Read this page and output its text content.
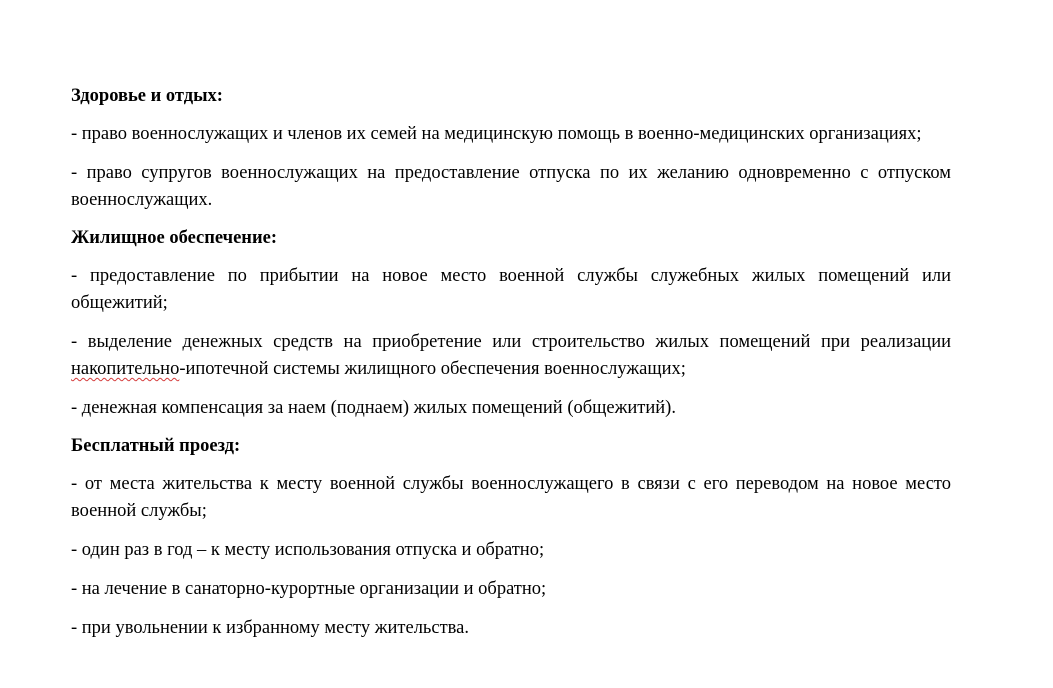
Здоровье и отдых:

- право военнослужащих и членов их семей на медицинскую помощь в военно-медицинских организациях;

- право супругов военнослужащих на предоставление отпуска по их желанию одновременно с отпуском военнослужащих.

Жилищное обеспечение:

- предоставление по прибытии на новое место военной службы служебных жилых помещений или общежитий;

- выделение денежных средств на приобретение или строительство жилых помещений при реализации накопительно-ипотечной системы жилищного обеспечения военнослужащих;

- денежная компенсация за наем (поднаем) жилых помещений (общежитий).

Бесплатный проезд:

- от места жительства к месту военной службы военнослужащего в связи с его переводом на новое место военной службы;

- один раз в год – к месту использования отпуска и обратно;

- на лечение в санаторно-курортные организации и обратно;

- при увольнении к избранному месту жительства.
